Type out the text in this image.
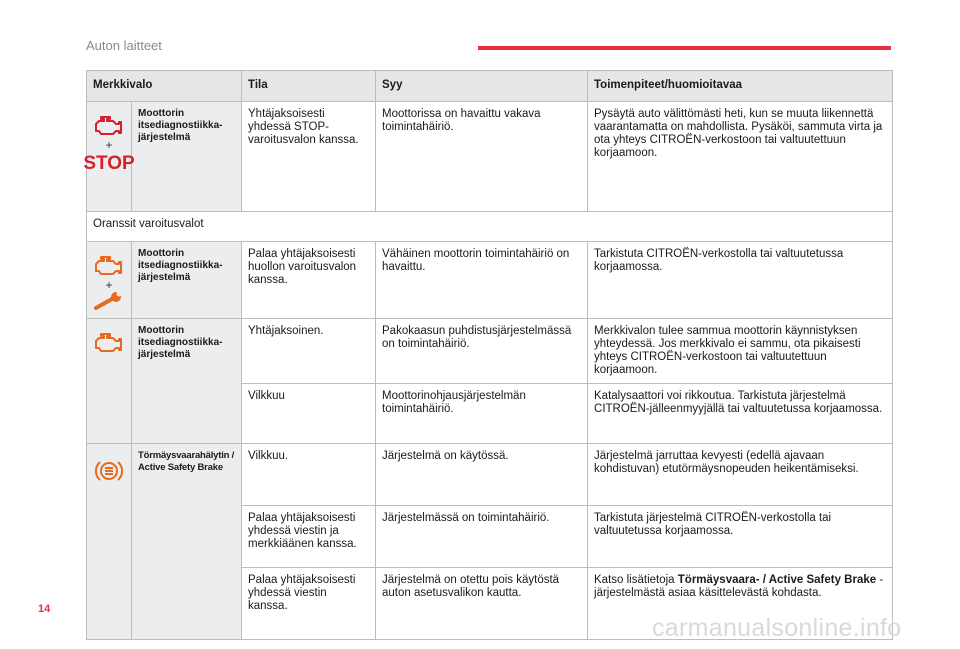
Auton laitteet
Merkkivalo		Tila	Syy	Toimenpiteet/huomioitavaa

+
STOP	Moottorin itsediagnostiikka-järjestelmä	Yhtäjaksoisesti yhdessä STOP-varoitusvalon kanssa.	Moottorissa on havaittu vakava toimintahäiriö.	Pysäytä auto välittömästi heti, kun se muuta liikennettä vaarantamatta on mahdollista. Pysäköi, sammuta virta ja ota yhteys CITROËN-verkostoon tai valtuutettuun korjaamoon.
Oranssit varoitusvalot				

+	Moottorin itsediagnostiikka-järjestelmä	Palaa yhtäjaksoisesti huollon varoitusvalon kanssa.	Vähäinen moottorin toimintahäiriö on havaittu.	Tarkistuta CITROËN-verkostolla tai valtuutetussa korjaamossa.

	Moottorin itsediagnostiikka-järjestelmä	Yhtäjaksoinen.	Pakokaasun puhdistusjärjestelmässä on toimintahäiriö.	Merkkivalon tulee sammua moottorin käynnistyksen yhteydessä. Jos merkkivalo ei sammu, ota pikaisesti yhteys CITROËN-verkostoon tai valtuutettuun korjaamoon.
		Vilkkuu	Moottorinohjausjärjestelmän toimintahäiriö.	Katalysaattori voi rikkoutua. Tarkistuta järjestelmä CITROËN-jälleenmyyjällä tai valtuutetussa korjaamossa.

	Törmäysvaarahälytin / Active Safety Brake	Vilkkuu.	Järjestelmä on käytössä.	Järjestelmä jarruttaa kevyesti (edellä ajavaan kohdistuvan) etutörmäysnopeuden heikentämiseksi.
		Palaa yhtäjaksoisesti yhdessä viestin ja merkkiäänen kanssa.	Järjestelmässä on toimintahäiriö.	Tarkistuta järjestelmä CITROËN-verkostolla tai valtuutetussa korjaamossa.
		Palaa yhtäjaksoisesti yhdessä viestin kanssa.	Järjestelmä on otettu pois käytöstä auton asetusvalikon kautta.	Katso lisätietoja Törmäysvaara- / Active Safety Brake -järjestelmästä asiaa käsittelevästä kohdasta.
14
carmanualsonline.info
